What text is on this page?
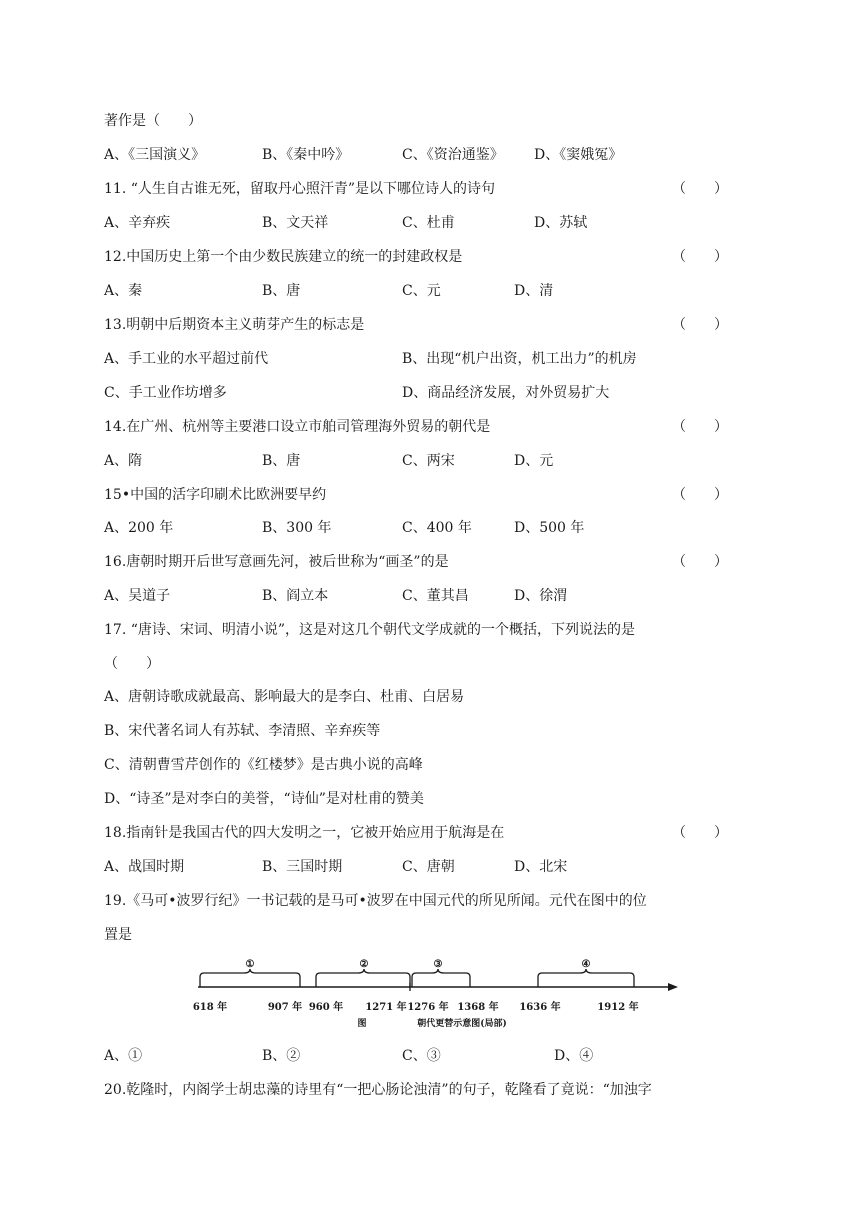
著作是（　　）
A、《三国演义》	B、《秦中吟》	C、《资治通鉴》 D、《窦娥冤》
11. “人生自古谁无死，留取丹心照汗青”是以下哪位诗人的诗句	（　　）
A、辛弃疾	B、文天祥	C、杜甫	D、苏轼
12.中国历史上第一个由少数民族建立的统一的封建政权是	（　　）
A、秦	B、唐	C、元	D、清
13.明朝中后期资本主义萌芽产生的标志是	（　　）
A、手工业的水平超过前代	B、出现“机户出资，机工出力”的机房
C、手工业作坊增多	D、商品经济发展，对外贸易扩大
14.在广州、杭州等主要港口设立市舶司管理海外贸易的朝代是	（　　）
A、隋	B、唐	C、两宋	D、元
15•中国的活字印刷术比欧洲要早约	（　　）
A、200 年	B、300 年	C、400 年	D、500 年
16.唐朝时期开后世写意画先河，被后世称为“画圣”的是	（　　）
A、吴道子	B、阎立本	C、董其昌	D、徐渭
17. “唐诗、宋词、明清小说”，这是对这几个朝代文学成就的一个概括，下列说法的是
（　　）
A、唐朝诗歌成就最高、影响最大的是李白、杜甫、白居易
B、宋代著名词人有苏轼、李清照、辛弃疾等
C、清朝曹雪芹创作的《红楼梦》是古典小说的高峰
D、“诗圣”是对李白的美誉，“诗仙”是对杜甫的赞美
18.指南针是我国古代的四大发明之一，它被开始应用于航海是在	（　　）
A、战国时期	B、三国时期	C、唐朝	D、北宋
19.《马可•波罗行纪》一书记载的是马可•波罗在中国元代的所见所闻。元代在图中的位
置是
①	②	③	④
618 年	907 年 960 年 1271 年 1276 年 1368 年 1636 年	1912 年
图	朝代更替示意图(局部)
A、①	B、②	C、③	D、④
20.乾隆时，内阁学士胡忠藻的诗里有“一把心肠论浊清”的句子，乾隆看了竟说：“加浊字
